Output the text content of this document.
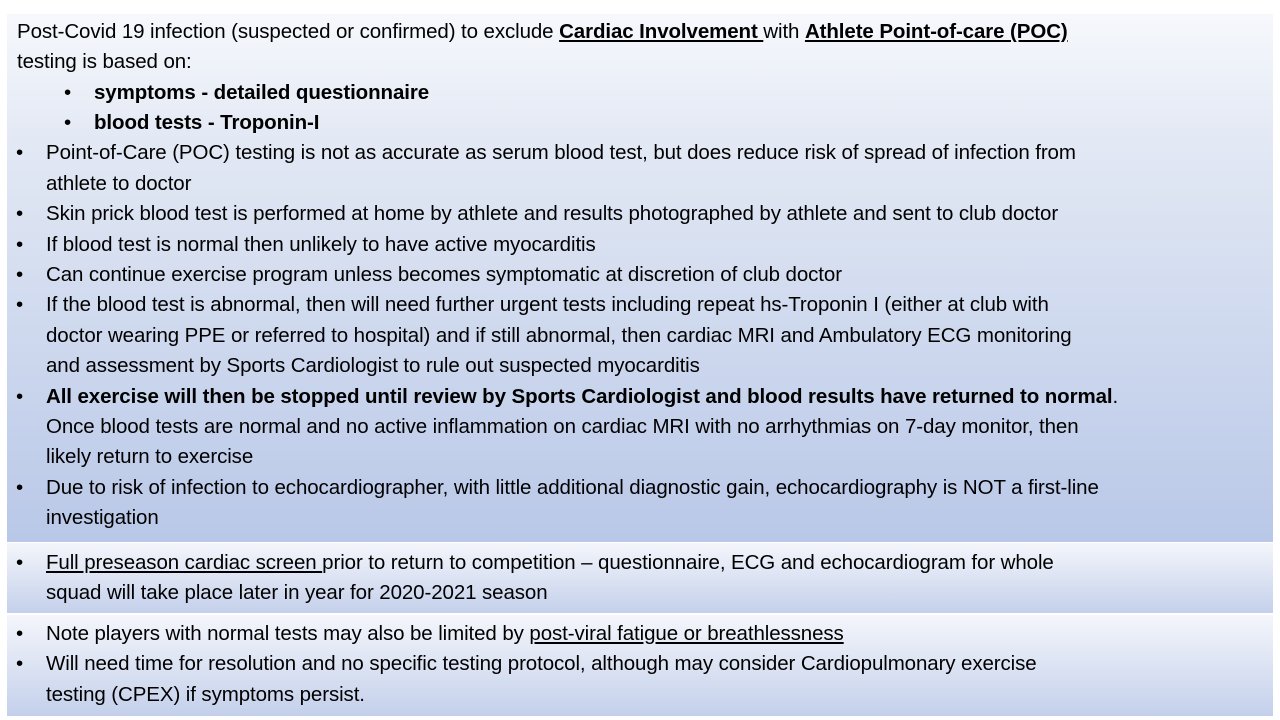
Post-Covid 19 infection (suspected or confirmed) to exclude Cardiac Involvement with Athlete Point-of-care (POC)
testing is based on:
• symptoms - detailed questionnaire
• blood tests - Troponin-I
• Point-of-Care (POC) testing is not as accurate as serum blood test, but does reduce risk of spread of infection from
athlete to doctor
• Skin prick blood test is performed at home by athlete and results photographed by athlete and sent to club doctor
• If blood test is normal then unlikely to have active myocarditis
• Can continue exercise program unless becomes symptomatic at discretion of club doctor
• If the blood test is abnormal, then will need further urgent tests including repeat hs-Troponin I (either at club with
doctor wearing PPE or referred to hospital) and if still abnormal, then cardiac MRI and Ambulatory ECG monitoring
and assessment by Sports Cardiologist to rule out suspected myocarditis
• All exercise will then be stopped until review by Sports Cardiologist and blood results have returned to normal.
Once blood tests are normal and no active inflammation on cardiac MRI with no arrhythmias on 7-day monitor, then
likely return to exercise
• Due to risk of infection to echocardiographer, with little additional diagnostic gain, echocardiography is NOT a first-line
investigation
• Full preseason cardiac screen prior to return to competition – questionnaire, ECG and echocardiogram for whole
squad will take place later in year for 2020-2021 season
• Note players with normal tests may also be limited by post-viral fatigue or breathlessness
• Will need time for resolution and no specific testing protocol, although may consider Cardiopulmonary exercise
testing (CPEX) if symptoms persist.
